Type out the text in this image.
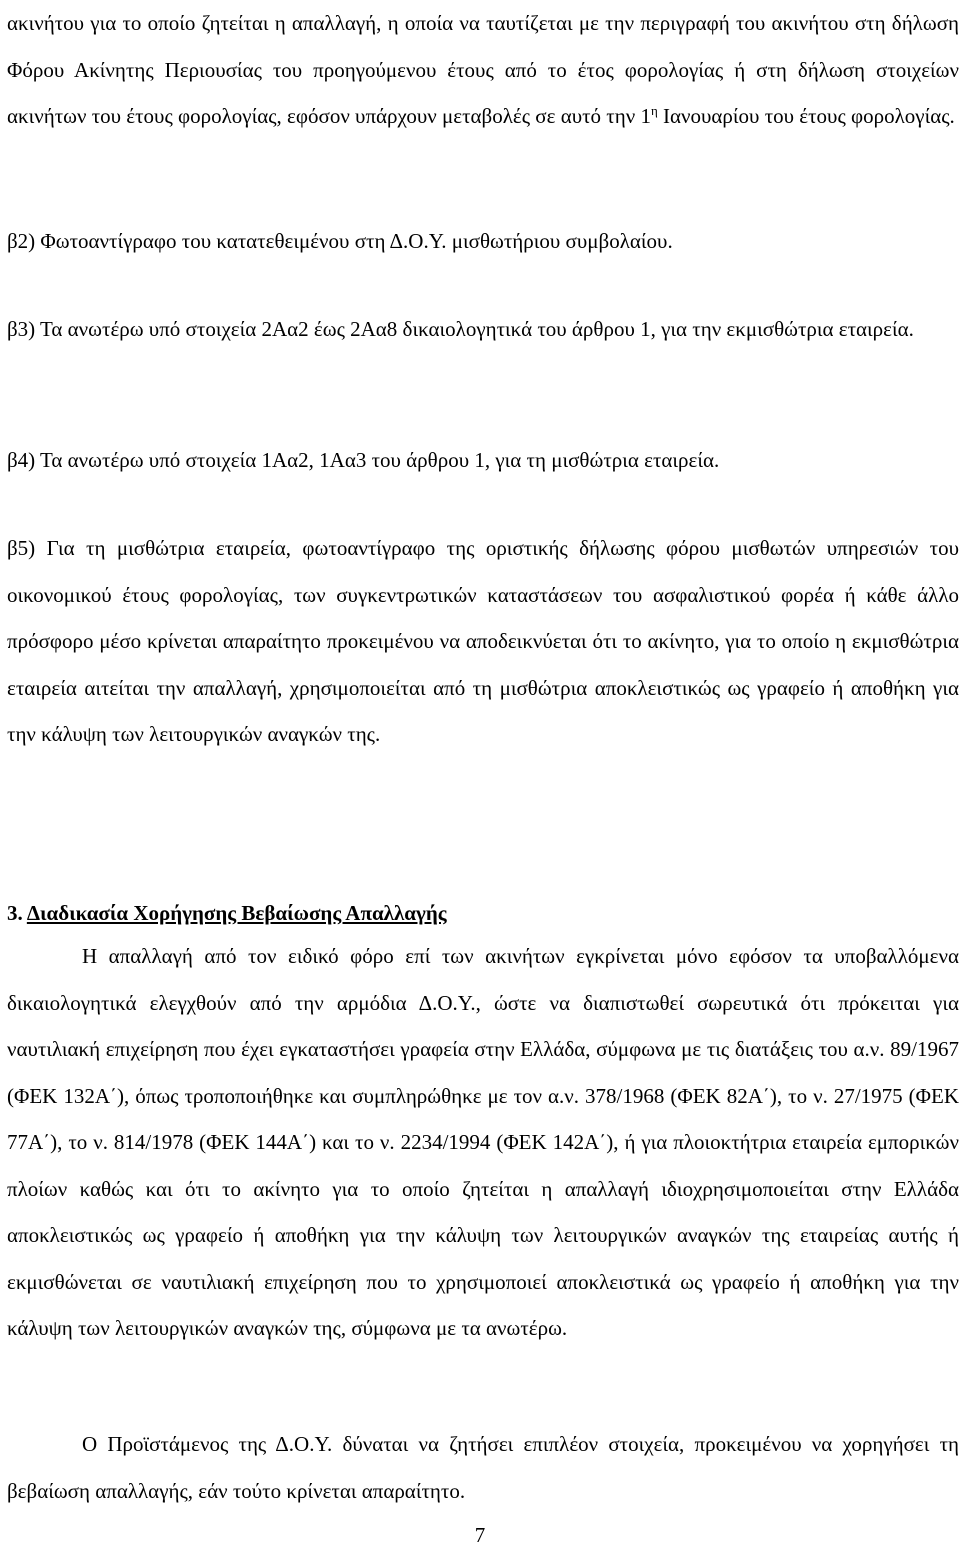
ακινήτου για το οποίο ζητείται η απαλλαγή, η οποία να ταυτίζεται με την περιγραφή του ακινήτου στη δήλωση Φόρου Ακίνητης Περιουσίας του προηγούμενου έτους από το έτος φορολογίας ή στη δήλωση στοιχείων ακινήτων του έτους φορολογίας, εφόσον υπάρχουν μεταβολές σε αυτό την $1^\eta$ Ιανουαρίου του έτους φορολογίας.

β2) Φωτοαντίγραφο του κατατεθειμένου στη Δ.Ο.Υ. μισθωτήριου συμβολαίου.

β3) Τα ανωτέρω υπό στοιχεία 2Αα2 έως 2Αα8 δικαιολογητικά του άρθρου 1, για την εκμισθώτρια εταιρεία.

β4) Τα ανωτέρω υπό στοιχεία 1Αα2, 1Αα3 του άρθρου 1, για τη μισθώτρια εταιρεία.

β5) Για τη μισθώτρια εταιρεία, φωτοαντίγραφο της οριστικής δήλωσης φόρου μισθωτών υπηρεσιών του οικονομικού έτους φορολογίας, των συγκεντρωτικών καταστάσεων του ασφαλιστικού φορέα ή κάθε άλλο πρόσφορο μέσο κρίνεται απαραίτητο προκειμένου να αποδεικνύεται ότι το ακίνητο, για το οποίο η εκμισθώτρια εταιρεία αιτείται την απαλλαγή, χρησιμοποιείται από τη μισθώτρια αποκλειστικώς ως γραφείο ή αποθήκη για την κάλυψη των λειτουργικών αναγκών της.

3. Διαδικασία Χορήγησης Βεβαίωσης Απαλλαγής

Η απαλλαγή από τον ειδικό φόρο επί των ακινήτων εγκρίνεται μόνο εφόσον τα υποβαλλόμενα δικαιολογητικά ελεγχθούν από την αρμόδια Δ.Ο.Υ., ώστε να διαπιστωθεί σωρευτικά ότι πρόκειται για ναυτιλιακή επιχείρηση που έχει εγκαταστήσει γραφεία στην Ελλάδα, σύμφωνα με τις διατάξεις του α.ν. 89/1967 (ΦΕΚ 132Α΄), όπως τροποποιήθηκε και συμπληρώθηκε με τον α.ν. 378/1968 (ΦΕΚ 82Α΄), το ν. 27/1975 (ΦΕΚ 77Α΄), το ν. 814/1978 (ΦΕΚ 144Α΄) και το ν. 2234/1994 (ΦΕΚ 142Α΄), ή για πλοιοκτήτρια εταιρεία εμπορικών πλοίων καθώς και ότι το ακίνητο για το οποίο ζητείται η απαλλαγή ιδιοχρησιμοποιείται στην Ελλάδα αποκλειστικώς ως γραφείο ή αποθήκη για την κάλυψη των λειτουργικών αναγκών της εταιρείας αυτής ή εκμισθώνεται σε ναυτιλιακή επιχείρηση που το χρησιμοποιεί αποκλειστικά ως γραφείο ή αποθήκη για την κάλυψη των λειτουργικών αναγκών της, σύμφωνα με τα ανωτέρω.

Ο Προϊστάμενος της Δ.Ο.Υ. δύναται να ζητήσει επιπλέον στοιχεία, προκειμένου να χορηγήσει τη βεβαίωση απαλλαγής, εάν τούτο κρίνεται απαραίτητο.

7
